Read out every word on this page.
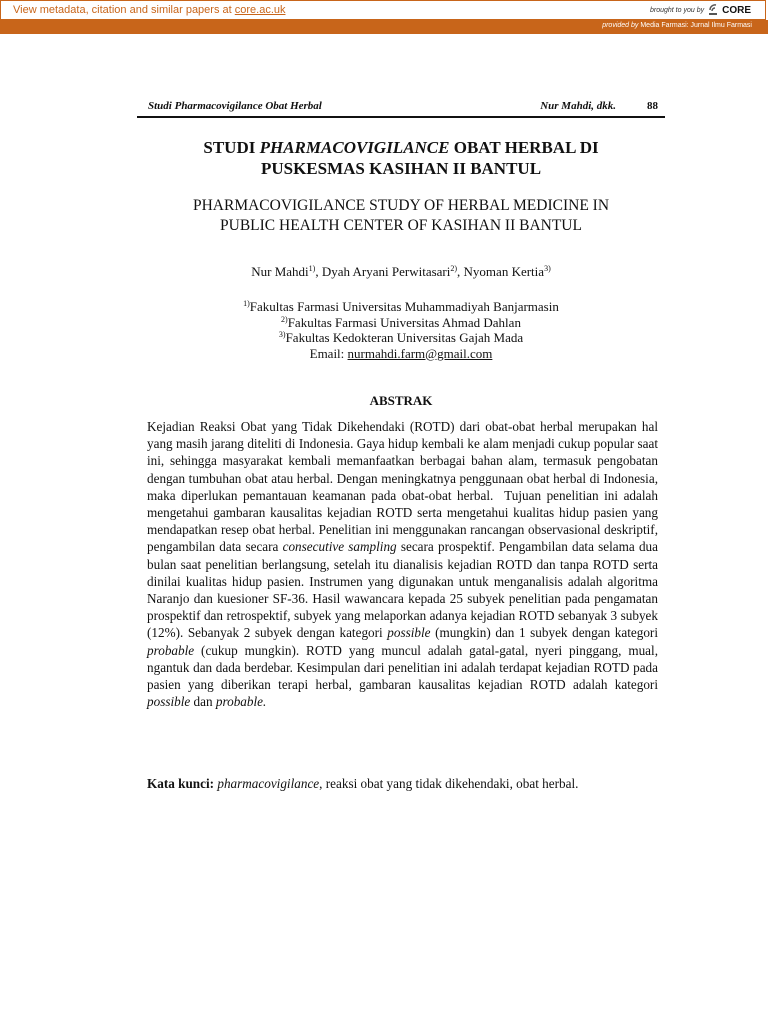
View metadata, citation and similar papers at core.ac.uk	brought to you by CORE
provided by Media Farmasi: Jurnal Ilmu Farmasi
Studi Pharmacovigilance Obat Herbal	Nur Mahdi, dkk.	88
STUDI PHARMACOVIGILANCE OBAT HERBAL DI
PUSKESMAS KASIHAN II BANTUL
PHARMACOVIGILANCE STUDY OF HERBAL MEDICINE IN
PUBLIC HEALTH CENTER OF KASIHAN II BANTUL
Nur Mahdi$^{1)}$, Dyah Aryani Perwitasari$^{2)}$, Nyoman Kertia$^{3)}$
$^{1)}$Fakultas Farmasi Universitas Muhammadiyah Banjarmasin
$^{2)}$Fakultas Farmasi Universitas Ahmad Dahlan
$^{3)}$Fakultas Kedokteran Universitas Gajah Mada
Email: nurmahdi.farm@gmail.com
ABSTRAK

Kejadian Reaksi Obat yang Tidak Dikehendaki (ROTD) dari obat-obat herbal merupakan hal yang masih jarang diteliti di Indonesia. Gaya hidup kembali ke alam menjadi cukup popular saat ini, sehingga masyarakat kembali memanfaatkan berbagai bahan alam, termasuk pengobatan dengan tumbuhan obat atau herbal. Dengan meningkatnya penggunaan obat herbal di Indonesia, maka diperlukan pemantauan keamanan pada obat-obat herbal.  Tujuan penelitian ini adalah mengetahui gambaran kausalitas kejadian ROTD serta mengetahui kualitas hidup pasien yang mendapatkan resep obat herbal. Penelitian ini menggunakan rancangan observasional deskriptif, pengambilan data secara consecutive sampling secara prospektif. Pengambilan data selama dua bulan saat penelitian berlangsung, setelah itu dianalisis kejadian ROTD dan tanpa ROTD serta dinilai kualitas hidup pasien. Instrumen yang digunakan untuk menganalisis adalah algoritma Naranjo dan kuesioner SF-36. Hasil wawancara kepada 25 subyek penelitian pada pengamatan prospektif dan retrospektif, subyek yang melaporkan adanya kejadian ROTD sebanyak 3 subyek (12%). Sebanyak 2 subyek dengan kategori possible (mungkin) dan 1 subyek dengan kategori probable (cukup mungkin). ROTD yang muncul adalah gatal-gatal, nyeri pinggang, mual, ngantuk dan dada berdebar. Kesimpulan dari penelitian ini adalah terdapat kejadian ROTD pada pasien yang diberikan terapi herbal, gambaran kausalitas kejadian ROTD adalah kategori possible dan probable.

Kata kunci: pharmacovigilance, reaksi obat yang tidak dikehendaki, obat herbal.
